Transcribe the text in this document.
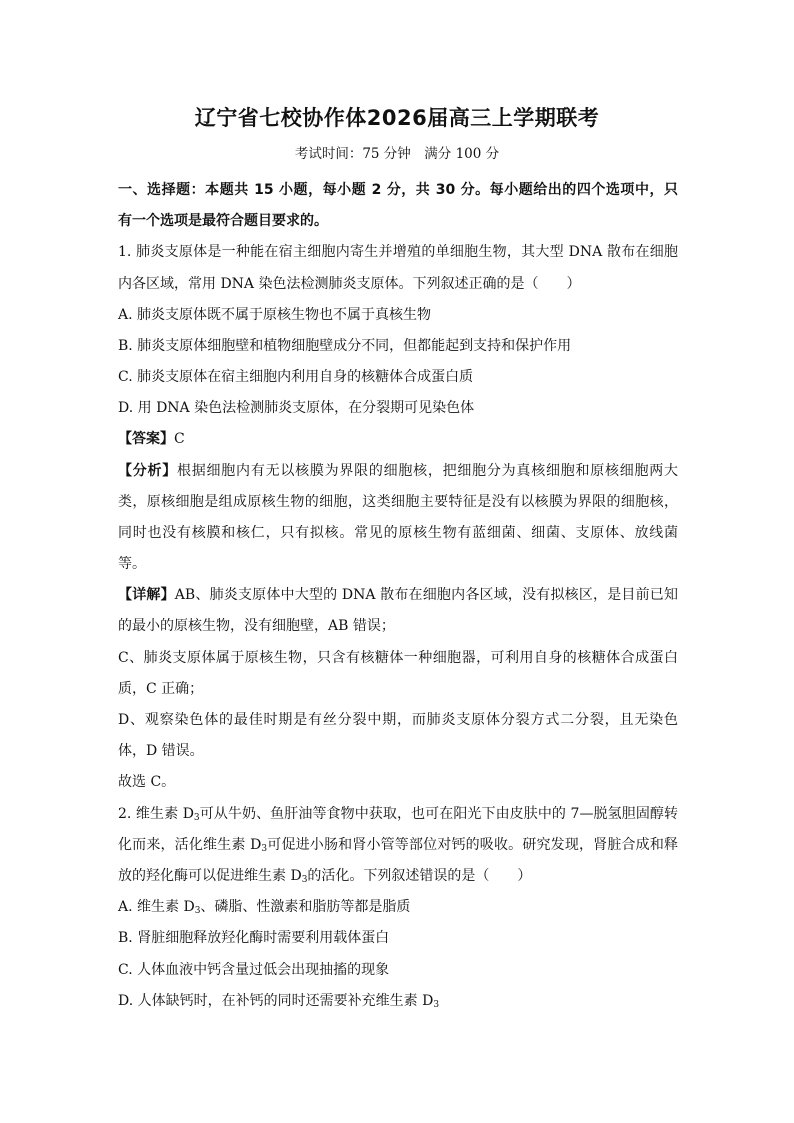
辽宁省七校协作体2026届高三上学期联考
考试时间：75 分钟　满分 100 分
一、选择题：本题共 15 小题，每小题 2 分，共 30 分。每小题给出的四个选项中，只
有一个选项是最符合题目要求的。
1. 肺炎支原体是一种能在宿主细胞内寄生并增殖的单细胞生物，其大型 DNA 散布在细胞
内各区域，常用 DNA 染色法检测肺炎支原体。下列叙述正确的是（　　）
A. 肺炎支原体既不属于原核生物也不属于真核生物
B. 肺炎支原体细胞壁和植物细胞壁成分不同，但都能起到支持和保护作用
C. 肺炎支原体在宿主细胞内利用自身的核糖体合成蛋白质
D. 用 DNA 染色法检测肺炎支原体，在分裂期可见染色体
【答案】C
【分析】根据细胞内有无以核膜为界限的细胞核，把细胞分为真核细胞和原核细胞两大
类，原核细胞是组成原核生物的细胞，这类细胞主要特征是没有以核膜为界限的细胞核，
同时也没有核膜和核仁，只有拟核。常见的原核生物有蓝细菌、细菌、支原体、放线菌
等。
【详解】AB、肺炎支原体中大型的 DNA 散布在细胞内各区域，没有拟核区，是目前已知
的最小的原核生物，没有细胞壁，AB 错误；
C、肺炎支原体属于原核生物，只含有核糖体一种细胞器，可利用自身的核糖体合成蛋白
质，C 正确；
D、观察染色体的最佳时期是有丝分裂中期，而肺炎支原体分裂方式二分裂，且无染色
体，D 错误。
故选 C。
2. 维生素 $D_3$可从牛奶、鱼肝油等食物中获取，也可在阳光下由皮肤中的 7—脱氢胆固醇转
化而来，活化维生素 $D_3$可促进小肠和肾小管等部位对钙的吸收。研究发现，肾脏合成和释
放的羟化酶可以促进维生素 $D_3$的活化。下列叙述错误的是（　　）
A. 维生素 $D_3$、磷脂、性激素和脂肪等都是脂质
B. 肾脏细胞释放羟化酶时需要利用载体蛋白
C. 人体血液中钙含量过低会出现抽搐的现象
D. 人体缺钙时，在补钙的同时还需要补充维生素 $D_3$
